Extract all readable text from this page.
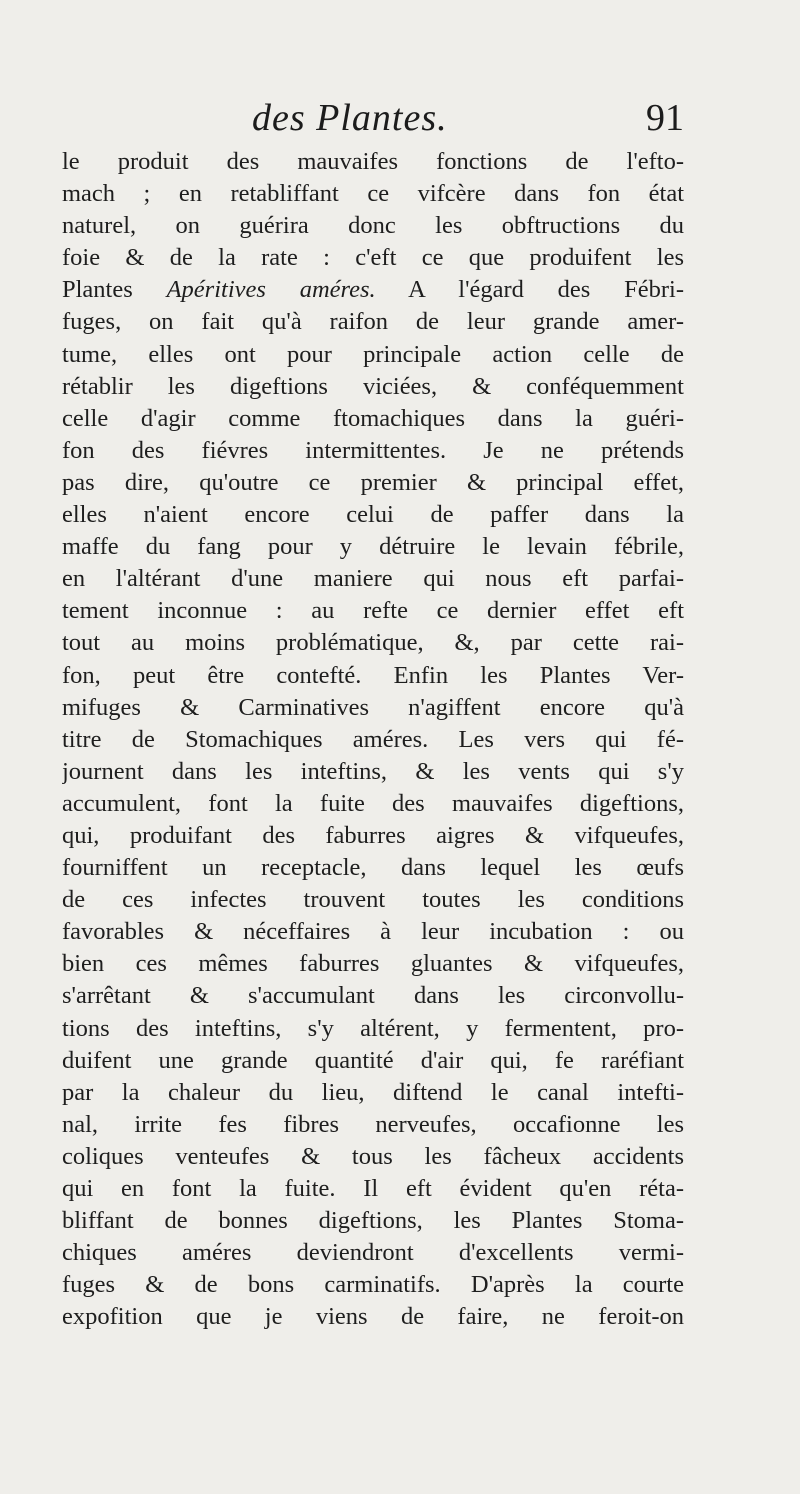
des Plantes.	91
le produit des mauvaifes fonctions de l'efto-
mach ; en retabliffant ce vifcère dans fon état
naturel, on guérira donc les obftructions du
foie & de la rate : c'eft ce que produifent les
Plantes Apéritives améres. A l'égard des Fébri-
fuges, on fait qu'à raifon de leur grande amer-
tume, elles ont pour principale action celle de
rétablir les digeftions viciées, & conféquemment
celle d'agir comme ftomachiques dans la guéri-
fon des fiévres intermittentes. Je ne prétends
pas dire, qu'outre ce premier & principal effet,
elles n'aient encore celui de paffer dans la
maffe du fang pour y détruire le levain fébrile,
en l'altérant d'une maniere qui nous eft parfai-
tement inconnue : au refte ce dernier effet eft
tout au moins problématique, &, par cette rai-
fon, peut être contefté. Enfin les Plantes Ver-
mifuges & Carminatives n'agiffent encore qu'à
titre de Stomachiques améres. Les vers qui fé-
journent dans les inteftins, & les vents qui s'y
accumulent, font la fuite des mauvaifes digeftions,
qui, produifant des faburres aigres & vifqueufes,
fourniffent un receptacle, dans lequel les œufs
de ces infectes trouvent toutes les conditions
favorables & néceffaires à leur incubation : ou
bien ces mêmes faburres gluantes & vifqueufes,
s'arrêtant & s'accumulant dans les circonvollu-
tions des inteftins, s'y altérent, y fermentent, pro-
duifent une grande quantité d'air qui, fe raréfiant
par la chaleur du lieu, diftend le canal intefti-
nal, irrite fes fibres nerveufes, occafionne les
coliques venteufes & tous les fâcheux accidents
qui en font la fuite. Il eft évident qu'en réta-
bliffant de bonnes digeftions, les Plantes Stoma-
chiques améres deviendront d'excellents vermi-
fuges & de bons carminatifs. D'après la courte
expofition que je viens de faire, ne feroit-on
